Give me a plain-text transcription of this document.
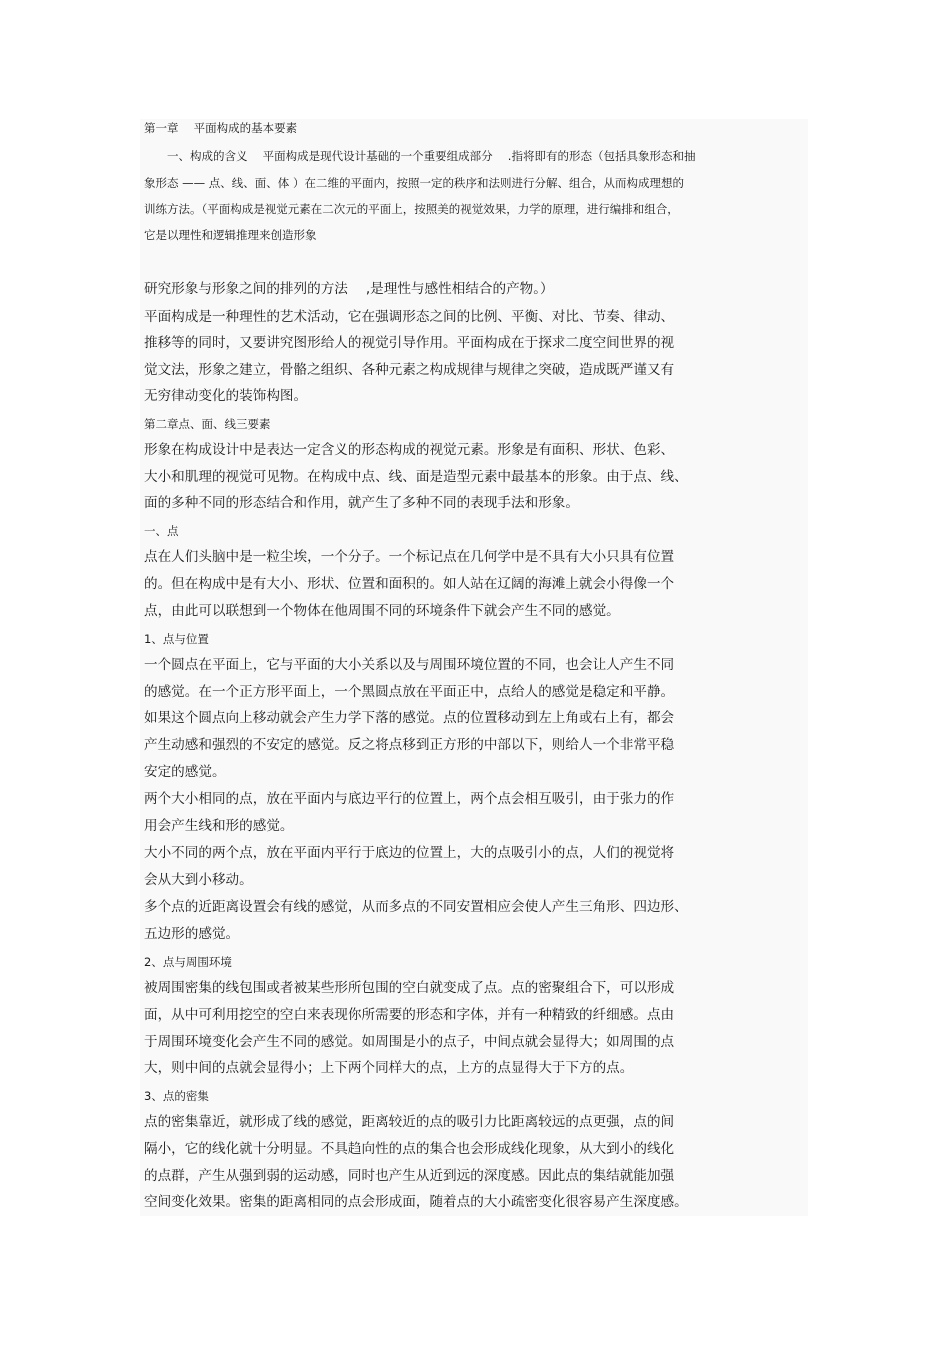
第一章　 平面构成的基本要素
　　一、构成的含义　 平面构成是现代设计基础的一个重要组成部分　 .指将即有的形态（包括具象形态和抽
象形态 —— 点、线、面、体 ）在二维的平面内，按照一定的秩序和法则进行分解、组合，从而构成理想的
训练方法。（平面构成是视觉元素在二次元的平面上，按照美的视觉效果，力学的原理，进行编排和组合，
它是以理性和逻辑推理来创造形象
研究形象与形象之间的排列的方法　 ,是理性与感性相结合的产物。）
平面构成是一种理性的艺术活动，它在强调形态之间的比例、平衡、对比、节奏、律动、
推移等的同时，又要讲究图形给人的视觉引导作用。平面构成在于探求二度空间世界的视
觉文法，形象之建立，骨骼之组织、各种元素之构成规律与规律之突破，造成既严谨又有
无穷律动变化的装饰构图。
第二章点、面、线三要素
形象在构成设计中是表达一定含义的形态构成的视觉元素。形象是有面积、形状、色彩、
大小和肌理的视觉可见物。在构成中点、线、面是造型元素中最基本的形象。由于点、线、
面的多种不同的形态结合和作用，就产生了多种不同的表现手法和形象。
一、点
点在人们头脑中是一粒尘埃，一个分子。一个标记点在几何学中是不具有大小只具有位置
的。但在构成中是有大小、形状、位置和面积的。如人站在辽阔的海滩上就会小得像一个
点，由此可以联想到一个物体在他周围不同的环境条件下就会产生不同的感觉。
1、点与位置
一个圆点在平面上，它与平面的大小关系以及与周围环境位置的不同，也会让人产生不同
的感觉。在一个正方形平面上，一个黑圆点放在平面正中，点给人的感觉是稳定和平静。
如果这个圆点向上移动就会产生力学下落的感觉。点的位置移动到左上角或右上有，都会
产生动感和强烈的不安定的感觉。反之将点移到正方形的中部以下，则给人一个非常平稳
安定的感觉。
两个大小相同的点，放在平面内与底边平行的位置上，两个点会相互吸引，由于张力的作
用会产生线和形的感觉。
大小不同的两个点，放在平面内平行于底边的位置上，大的点吸引小的点，人们的视觉将
会从大到小移动。
多个点的近距离设置会有线的感觉，从而多点的不同安置相应会使人产生三角形、四边形、
五边形的感觉。
2、点与周围环境
被周围密集的线包围或者被某些形所包围的空白就变成了点。点的密聚组合下，可以形成
面，从中可利用挖空的空白来表现你所需要的形态和字体，并有一种精致的纤细感。点由
于周围环境变化会产生不同的感觉。如周围是小的点子，中间点就会显得大；如周围的点
大，则中间的点就会显得小；上下两个同样大的点，上方的点显得大于下方的点。
3、点的密集
点的密集靠近，就形成了线的感觉，距离较近的点的吸引力比距离较远的点更强，点的间
隔小，它的线化就十分明显。不具趋向性的点的集合也会形成线化现象，从大到小的线化
的点群，产生从强到弱的运动感，同时也产生从近到远的深度感。因此点的集结就能加强
空间变化效果。密集的距离相同的点会形成面，随着点的大小疏密变化很容易产生深度感。
